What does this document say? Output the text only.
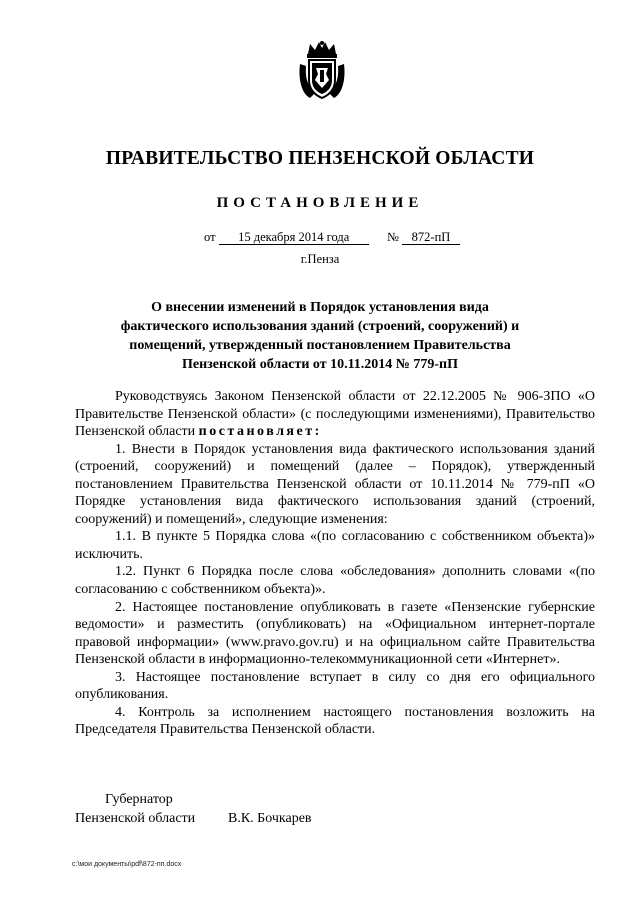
ПРАВИТЕЛЬСТВО ПЕНЗЕНСКОЙ ОБЛАСТИ
ПОСТАНОВЛЕНИЕ
от 15 декабря 2014 года	№ 872-пП
г.Пенза
О внесении изменений в Порядок установления вида
фактического использования зданий (строений, сооружений) и
помещений, утвержденный постановлением Правительства
Пензенской области от 10.11.2014 № 779-пП

Руководствуясь Законом Пензенской области от 22.12.2005 № 906-ЗПО «О Правительстве Пензенской области» (с последующими изменениями), Правительство Пензенской области постановляет:

1. Внести в Порядок установления вида фактического использования зданий (строений, сооружений) и помещений (далее – Порядок), утвержденный постановлением Правительства Пензенской области от 10.11.2014 № 779-пП «О Порядке установления вида фактического использования зданий (строений, сооружений) и помещений», следующие изменения:

1.1. В пункте 5 Порядка слова «(по согласованию с собственником объекта)» исключить.

1.2. Пункт 6 Порядка после слова «обследования» дополнить словами «(по согласованию с собственником объекта)».

2. Настоящее постановление опубликовать в газете «Пензенские губернские ведомости» и разместить (опубликовать) на «Официальном интернет-портале правовой информации» (www.pravo.gov.ru) и на официальном сайте Правительства Пензенской области в информационно-телекоммуникационной сети «Интернет».

3. Настоящее постановление вступает в силу со дня его официального опубликования.

4. Контроль за исполнением настоящего постановления возложить на Председателя Правительства Пензенской области.

Губернатор
Пензенской области В.К. Бочкарев
c:\мои документы\pdf\872-пп.docx
